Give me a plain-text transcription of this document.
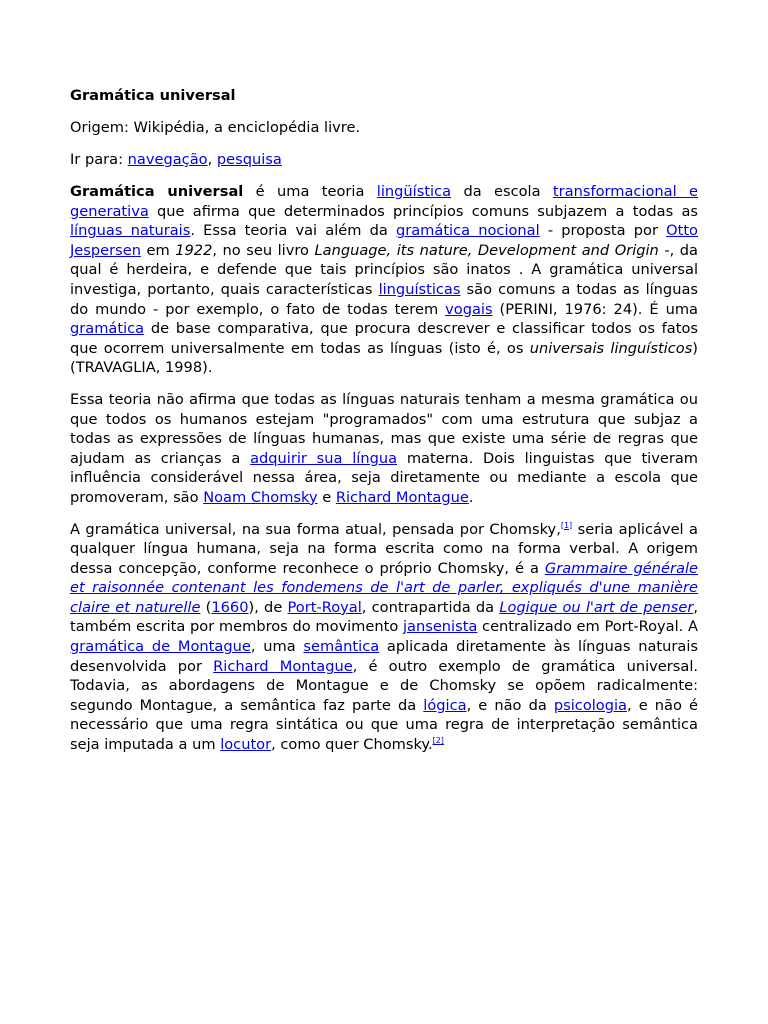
Gramática universal
Origem: Wikipédia, a enciclopédia livre.
Ir para: navegação, pesquisa

Gramática universal é uma teoria lingüística da escola transformacional e generativa que afirma que determinados princípios comuns subjazem a todas as línguas naturais. Essa teoria vai além da gramática nocional - proposta por Otto Jespersen em 1922, no seu livro Language, its nature, Development and Origin -, da qual é herdeira, e defende que tais princípios são inatos . A gramática universal investiga, portanto, quais características linguísticas são comuns a todas as línguas do mundo - por exemplo, o fato de todas terem vogais (PERINI, 1976: 24). É uma gramática de base comparativa, que procura descrever e classificar todos os fatos que ocorrem universalmente em todas as línguas (isto é, os universais linguísticos) (TRAVAGLIA, 1998).

Essa teoria não afirma que todas as línguas naturais tenham a mesma gramática ou que todos os humanos estejam "programados" com uma estrutura que subjaz a todas as expressões de línguas humanas, mas que existe uma série de regras que ajudam as crianças a adquirir sua língua materna. Dois linguistas que tiveram influência considerável nessa área, seja diretamente ou mediante a escola que promoveram, são Noam Chomsky e Richard Montague.

A gramática universal, na sua forma atual, pensada por Chomsky,[1] seria aplicável a qualquer língua humana, seja na forma escrita como na forma verbal. A origem dessa concepção, conforme reconhece o próprio Chomsky, é a Grammaire générale et raisonnée contenant les fondemens de l'art de parler, expliqués d'une manière claire et naturelle (1660), de Port-Royal, contrapartida da Logique ou l'art de penser, também escrita por membros do movimento jansenista centralizado em Port-Royal. A gramática de Montague, uma semântica aplicada diretamente às línguas naturais desenvolvida por Richard Montague, é outro exemplo de gramática universal. Todavia, as abordagens de Montague e de Chomsky se opõem radicalmente: segundo Montague, a semântica faz parte da lógica, e não da psicologia, e não é necessário que uma regra sintática ou que uma regra de interpretação semântica seja imputada a um locutor, como quer Chomsky.[2]
